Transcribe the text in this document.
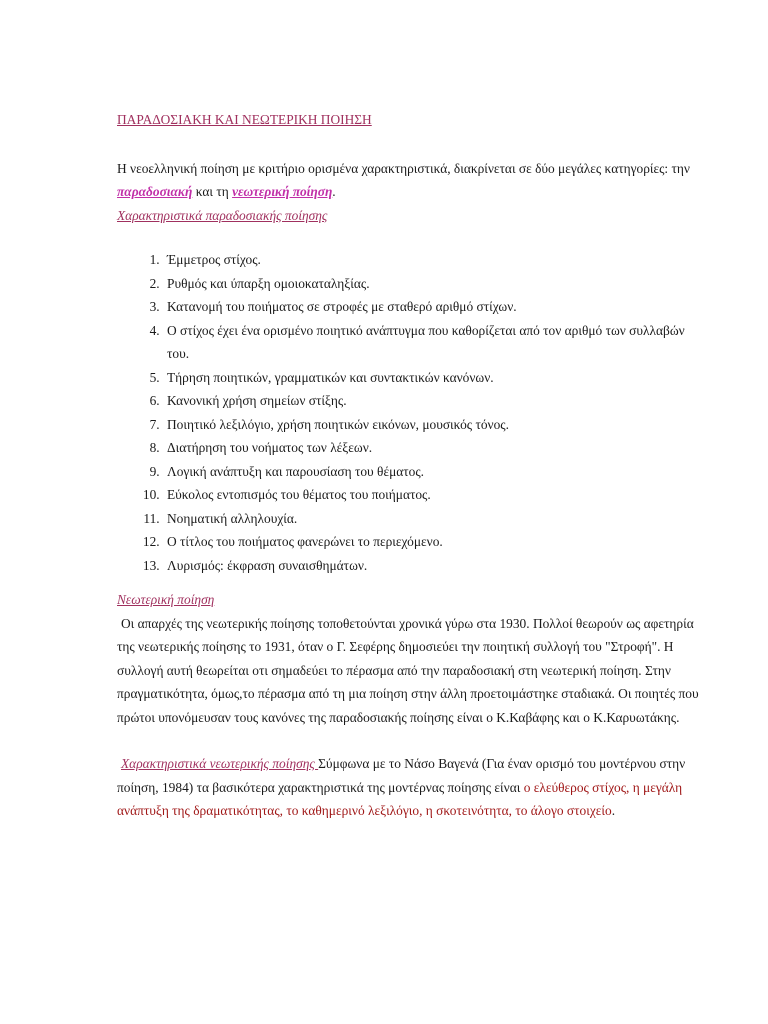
ΠΑΡΑΔΟΣΙΑΚΗ ΚΑΙ ΝΕΩΤΕΡΙΚΗ ΠΟΙΗΣΗ

Η νεοελληνική ποίηση με κριτήριο ορισμένα χαρακτηριστικά, διακρίνεται σε δύο μεγάλες κατηγορίες: την παραδοσιακή και τη νεωτερική ποίηση.

Χαρακτηριστικά παραδοσιακής ποίησης
1. Έμμετρος στίχος.
2. Ρυθμός και ύπαρξη ομοιοκαταληξίας.
3. Κατανομή του ποιήματος σε στροφές με σταθερό αριθμό στίχων.
4. Ο στίχος έχει ένα ορισμένο ποιητικό ανάπτυγμα που καθορίζεται από τον αριθμό των συλλαβών του.
5. Τήρηση ποιητικών, γραμματικών και συντακτικών κανόνων.
6. Κανονική χρήση σημείων στίξης.
7. Ποιητικό λεξιλόγιο, χρήση ποιητικών εικόνων, μουσικός τόνος.
8. Διατήρηση του νοήματος των λέξεων.
9. Λογική ανάπτυξη και παρουσίαση του θέματος.
10. Εύκολος εντοπισμός του θέματος του ποιήματος.
11. Νοηματική αλληλουχία.
12. Ο τίτλος του ποιήματος φανερώνει το περιεχόμενο.
13. Λυρισμός: έκφραση συναισθημάτων.
Νεωτερική ποίηση

Οι απαρχές της νεωτερικής ποίησης τοποθετούνται χρονικά γύρω στα 1930. Πολλοί θεωρούν ως αφετηρία της νεωτερικής ποίησης το 1931, όταν ο Γ. Σεφέρης δημοσιεύει την ποιητική συλλογή του "Στροφή". Η συλλογή αυτή θεωρείται οτι σημαδεύει το πέρασμα από την παραδοσιακή στη νεωτερική ποίηση. Στην πραγματικότητα, όμως,το πέρασμα από τη μια ποίηση στην άλλη προετοιμάστηκε σταδιακά. Οι ποιητές που πρώτοι υπονόμευσαν τους κανόνες της παραδοσιακής ποίησης είναι ο Κ.Καβάφης και ο Κ.Καρυωτάκης.

Χαρακτηριστικά νεωτερικής ποίησης Σύμφωνα με το Νάσο Βαγενά (Για έναν ορισμό του μοντέρνου στην ποίηση, 1984) τα βασικότερα χαρακτηριστικά της μοντέρνας ποίησης είναι ο ελεύθερος στίχος, η μεγάλη ανάπτυξη της δραματικότητας, το καθημερινό λεξιλόγιο, η σκοτεινότητα, το άλογο στοιχείο.
